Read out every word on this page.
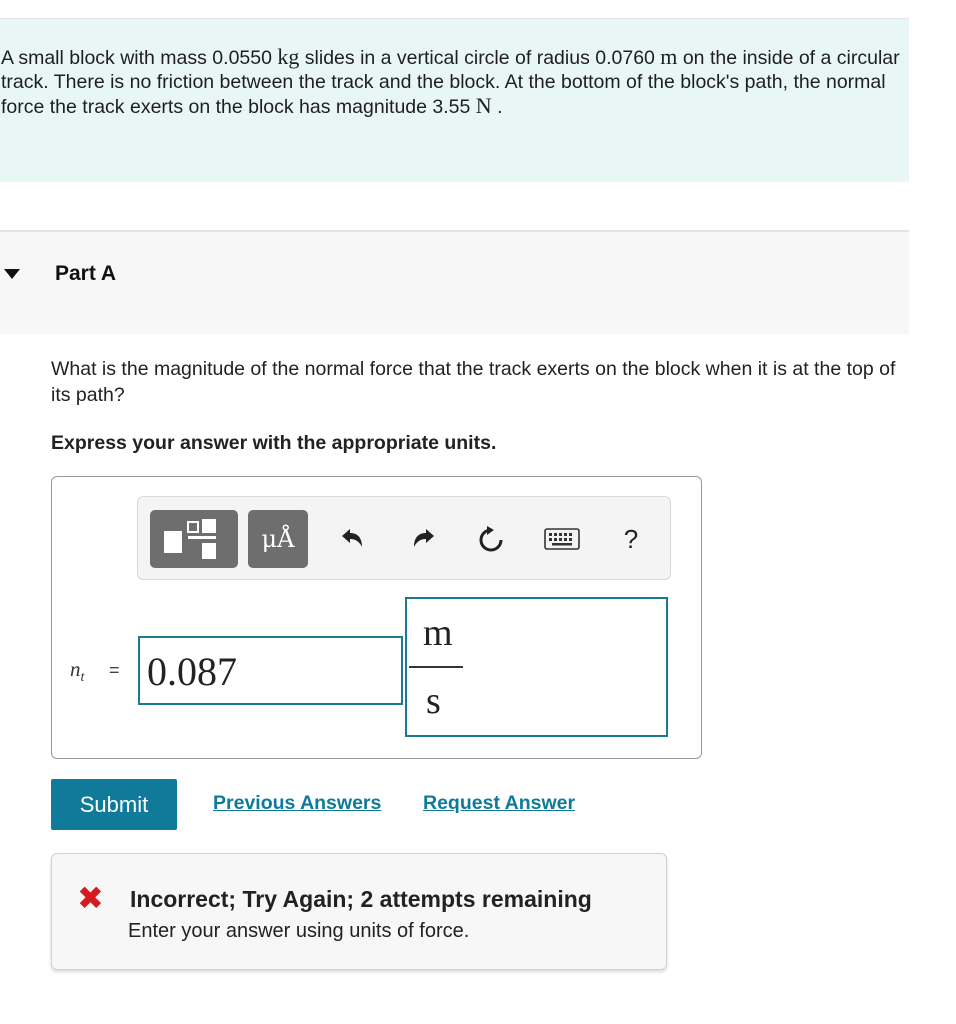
A small block with mass 0.0550 kg slides in a vertical circle of radius 0.0760 m on the inside of a circular track. There is no friction between the track and the block. At the bottom of the block's path, the normal force the track exerts on the block has magnitude 3.55 N .
Part A
What is the magnitude of the normal force that the track exerts on the block when it is at the top of its path?
Express your answer with the appropriate units.
μÅ	?
$n_t = 0.087$
m
s
Submit	Previous Answers Request Answer
✖ Incorrect; Try Again; 2 attempts remaining
Enter your answer using units of force.
